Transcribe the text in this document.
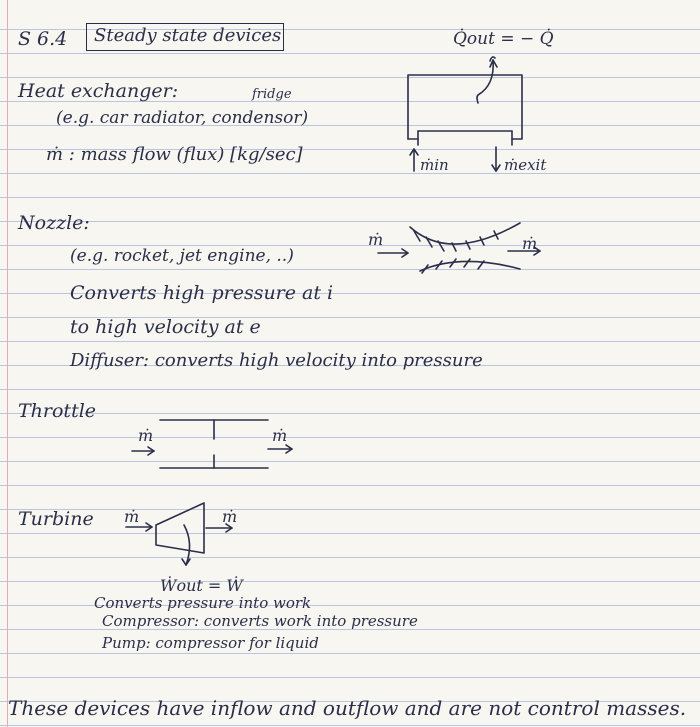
S 6.4 Steady state devices
Heat exchanger:	fridge
(e.g. car radiator, condensor)
ṁ : mass flow (flux) [kg/sec]
Q̇out = − Q̇
ṁin	ṁexit
Nozzle:
(e.g. rocket, jet engine, ..)
Converts high pressure at i
to high velocity at e
Diffuser: converts high velocity into pressure
ṁ	ṁ
Throttle
ṁ	ṁ
Turbine ṁ	ṁ
Ẇout = Ẇ
Converts pressure into work
Compressor: converts work into pressure
Pump: compressor for liquid
These devices have inflow and outflow and are not control masses.
